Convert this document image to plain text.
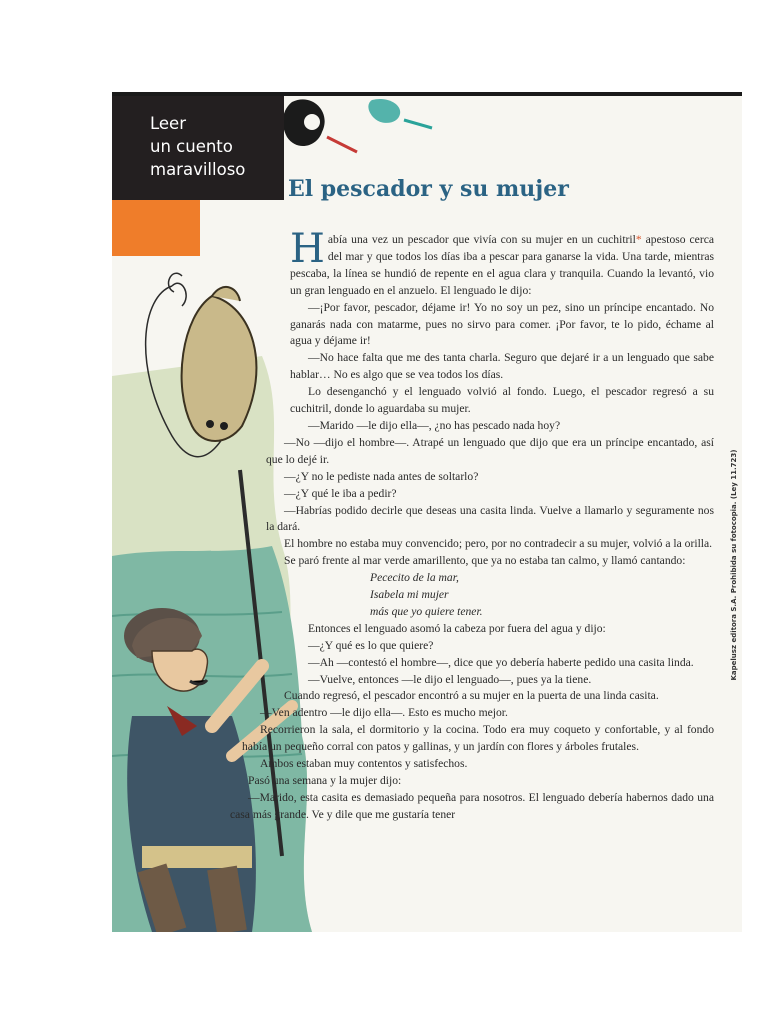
Leer
un cuento
maravilloso
El pescador y su mujer

Había una vez un pescador que vivía con su mujer en un cuchitril* apestoso cerca del mar y que todos los días iba a pescar para ganarse la vida. Una tarde, mientras pescaba, la línea se hundió de repente en el agua clara y tranquila. Cuando la levantó, vio un gran lenguado en el anzuelo. El lenguado le dijo:

—¡Por favor, pescador, déjame ir! Yo no soy un pez, sino un príncipe encantado. No ganarás nada con matarme, pues no sirvo para comer. ¡Por favor, te lo pido, échame al agua y déjame ir!

—No hace falta que me des tanta charla. Seguro que dejaré ir a un lenguado que sabe hablar… No es algo que se vea todos los días.

Lo desenganchó y el lenguado volvió al fondo. Luego, el pescador regresó a su cuchitril, donde lo aguardaba su mujer.

—Marido —le dijo ella—, ¿no has pescado nada hoy?

—No —dijo el hombre—. Atrapé un lenguado que dijo que era un príncipe encantado, así que lo dejé ir.

—¿Y no le pediste nada antes de soltarlo?

—¿Y qué le iba a pedir?

—Habrías podido decirle que deseas una casita linda. Vuelve a llamarlo y seguramente nos la dará.

El hombre no estaba muy convencido; pero, por no contradecir a su mujer, volvió a la orilla.

Se paró frente al mar verde amarillento, que ya no estaba tan calmo, y llamó cantando:

Pececito de la mar,

Isabela mi mujer

más que yo quiere tener.

Entonces el lenguado asomó la cabeza por fuera del agua y dijo:

—¿Y qué es lo que quiere?

—Ah —contestó el hombre—, dice que yo debería haberte pedido una casita linda.

—Vuelve, entonces —le dijo el lenguado—, pues ya la tiene.

Cuando regresó, el pescador encontró a su mujer en la puerta de una linda casita.

—Ven adentro —le dijo ella—. Esto es mucho mejor.

Recorrieron la sala, el dormitorio y la cocina. Todo era muy coqueto y confortable, y al fondo había un pequeño corral con patos y gallinas, y un jardín con flores y árboles frutales.

Ambos estaban muy contentos y satisfechos.

Pasó una semana y la mujer dijo:

—Marido, esta casita es demasiado pequeña para nosotros. El lenguado debería habernos dado una casa más grande. Ve y dile que me gustaría tener

Kapelusz editora S.A. Prohibida su fotocopia. (Ley 11.723)
